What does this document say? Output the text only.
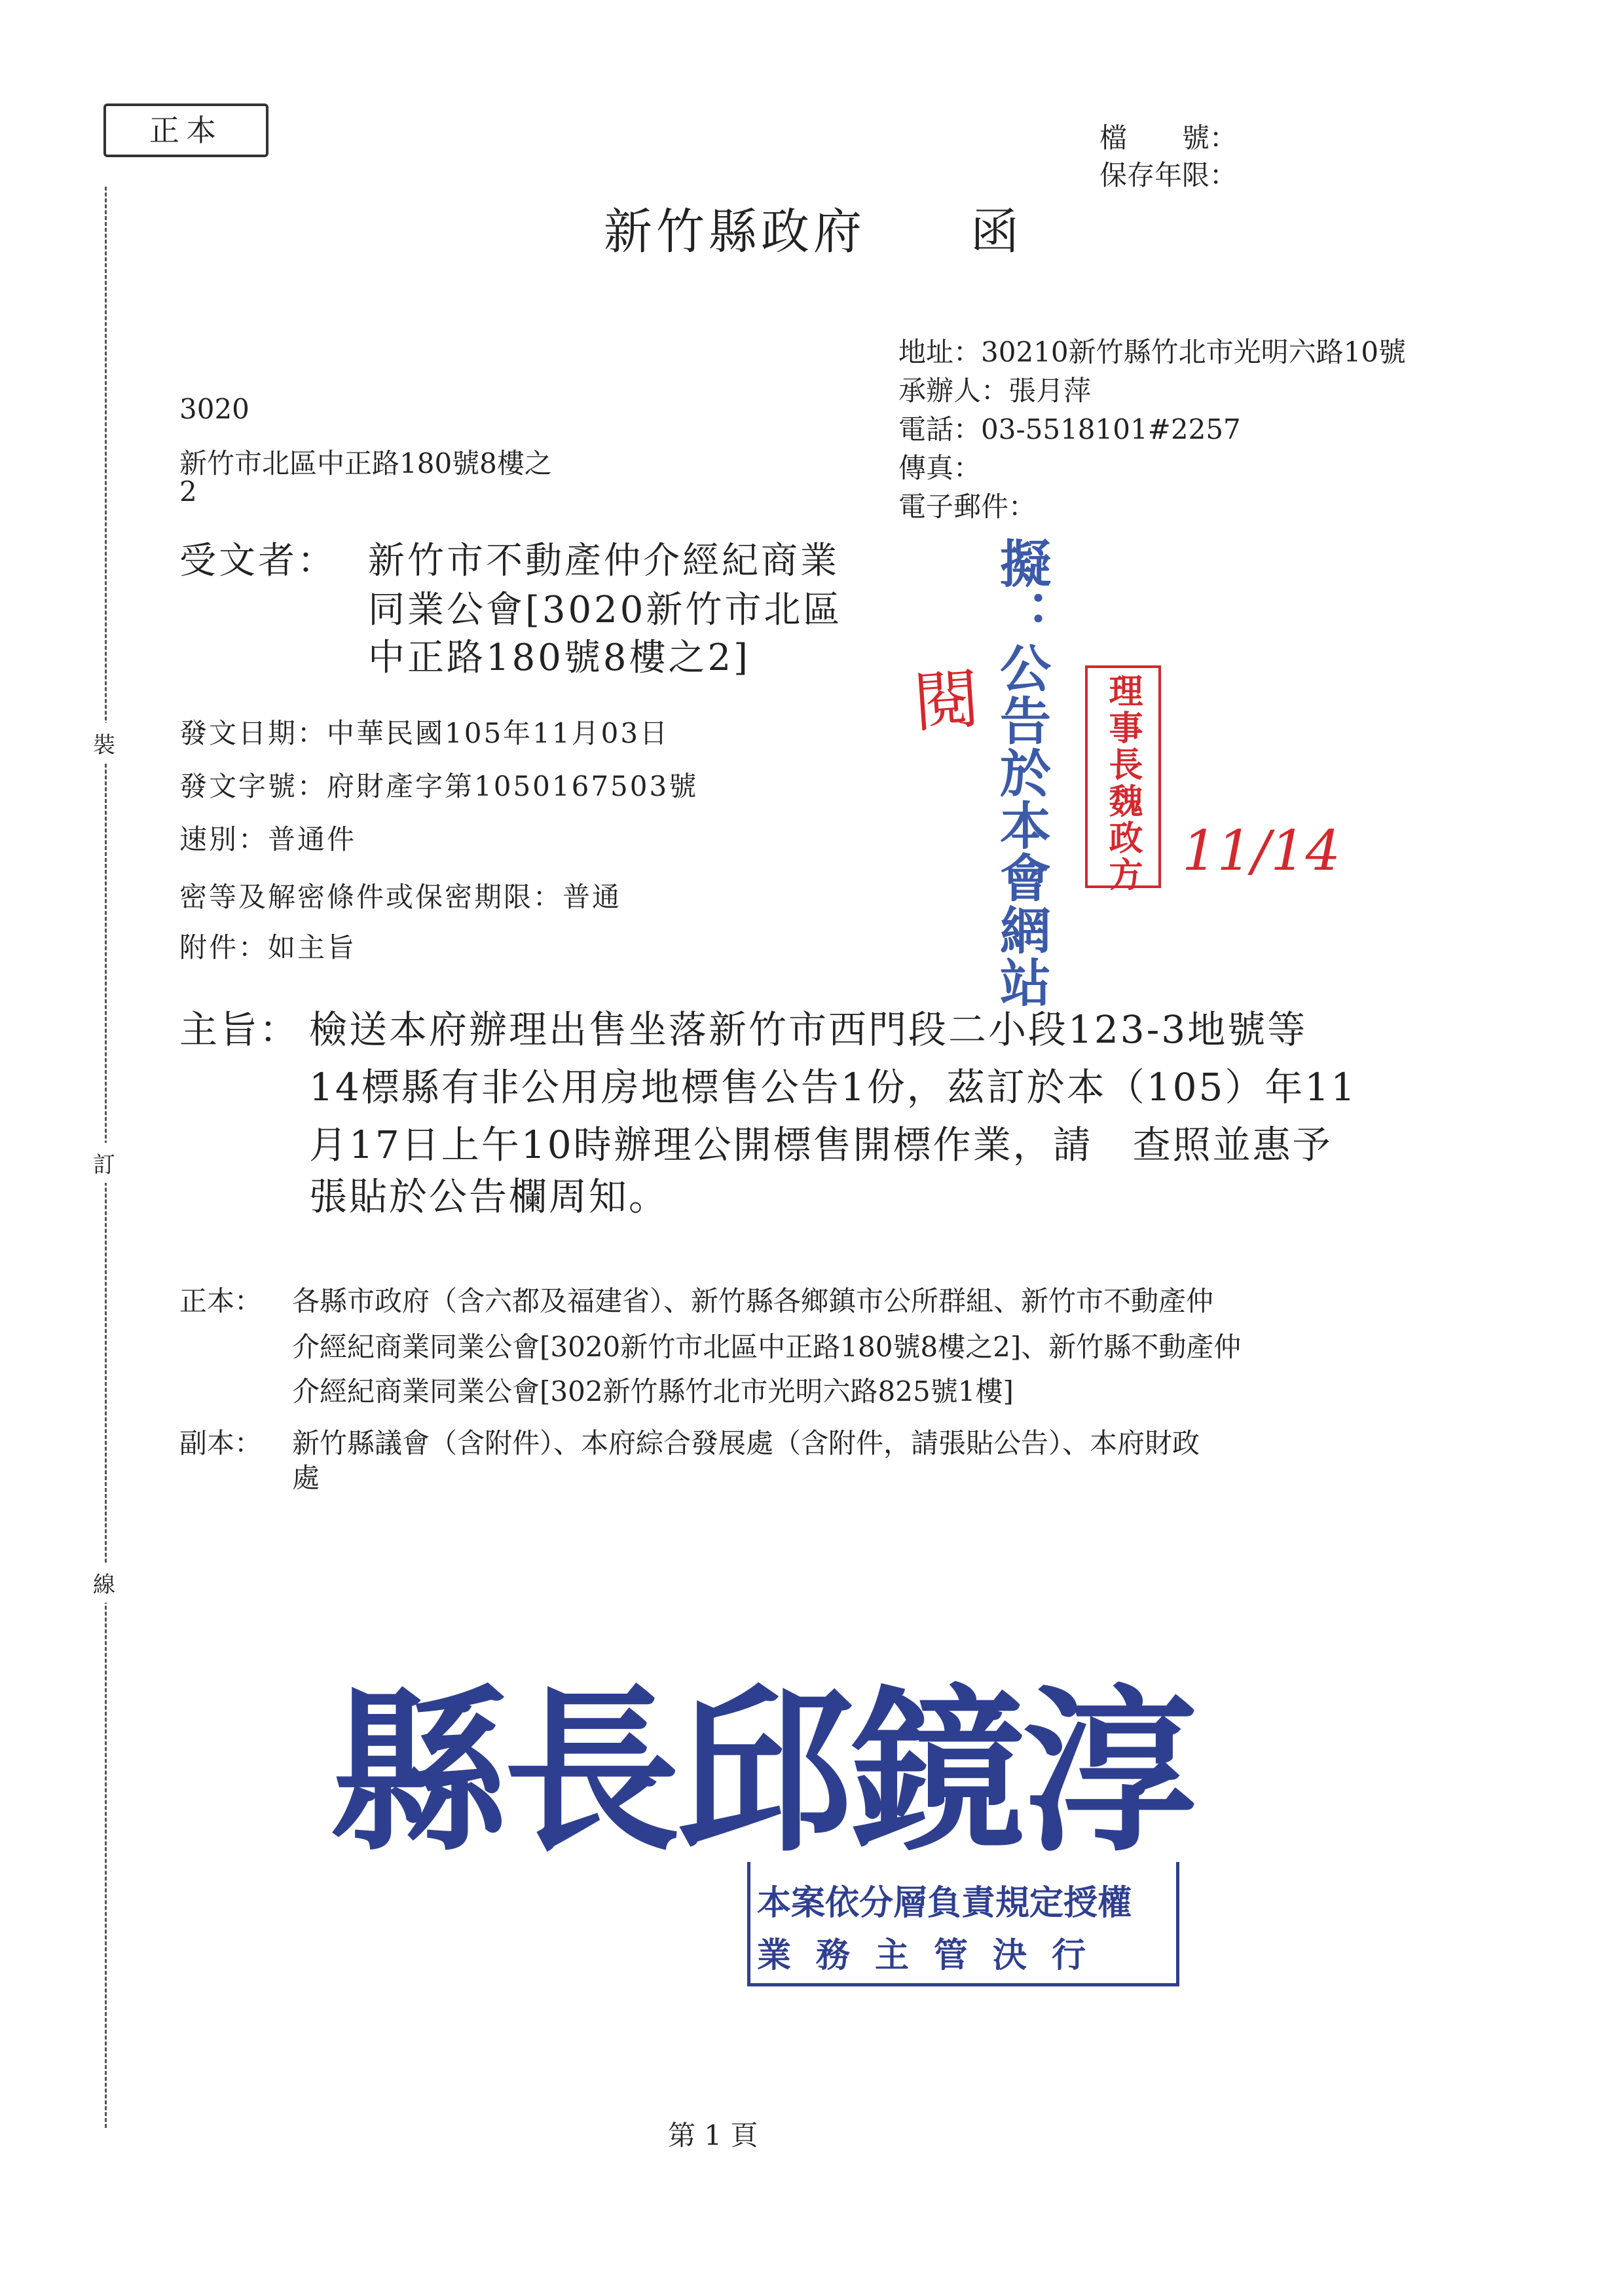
正本	檔　　號：
保存年限：
新竹縣政府　　函
裝
訂
線
地址：30210新竹縣竹北市光明六路10號
承辦人：張月萍
電話：03-5518101#2257
傳真：
電子郵件：
3020
新竹市北區中正路180號8樓之
2
受文者： 新竹市不動產仲介經紀商業
同業公會[3020新竹市北區
中正路180號8樓之2]
發文日期：中華民國105年11月03日
發文字號：府財產字第1050167503號
速別：普通件
密等及解密條件或保密期限：普通
附件：如主旨
主旨： 檢送本府辦理出售坐落新竹市西門段二小段123-3地號等
14標縣有非公用房地標售公告1份，茲訂於本（105）年11
月17日上午10時辦理公開標售開標作業，請　查照並惠予
張貼於公告欄周知。
正本： 各縣市政府（含六都及福建省）、新竹縣各鄉鎮市公所群組、新竹市不動產仲
介經紀商業同業公會[3020新竹市北區中正路180號8樓之2]、新竹縣不動產仲
介經紀商業同業公會[302新竹縣竹北市光明六路825號1樓]
副本： 新竹縣議會（含附件）、本府綜合發展處（含附件，請張貼公告）、本府財政
處
閱 擬：公告於本會網站	理事長魏政方 11/14
縣長邱鏡淳
本案依分層負責規定授權
業務主管決行
第 1 頁
